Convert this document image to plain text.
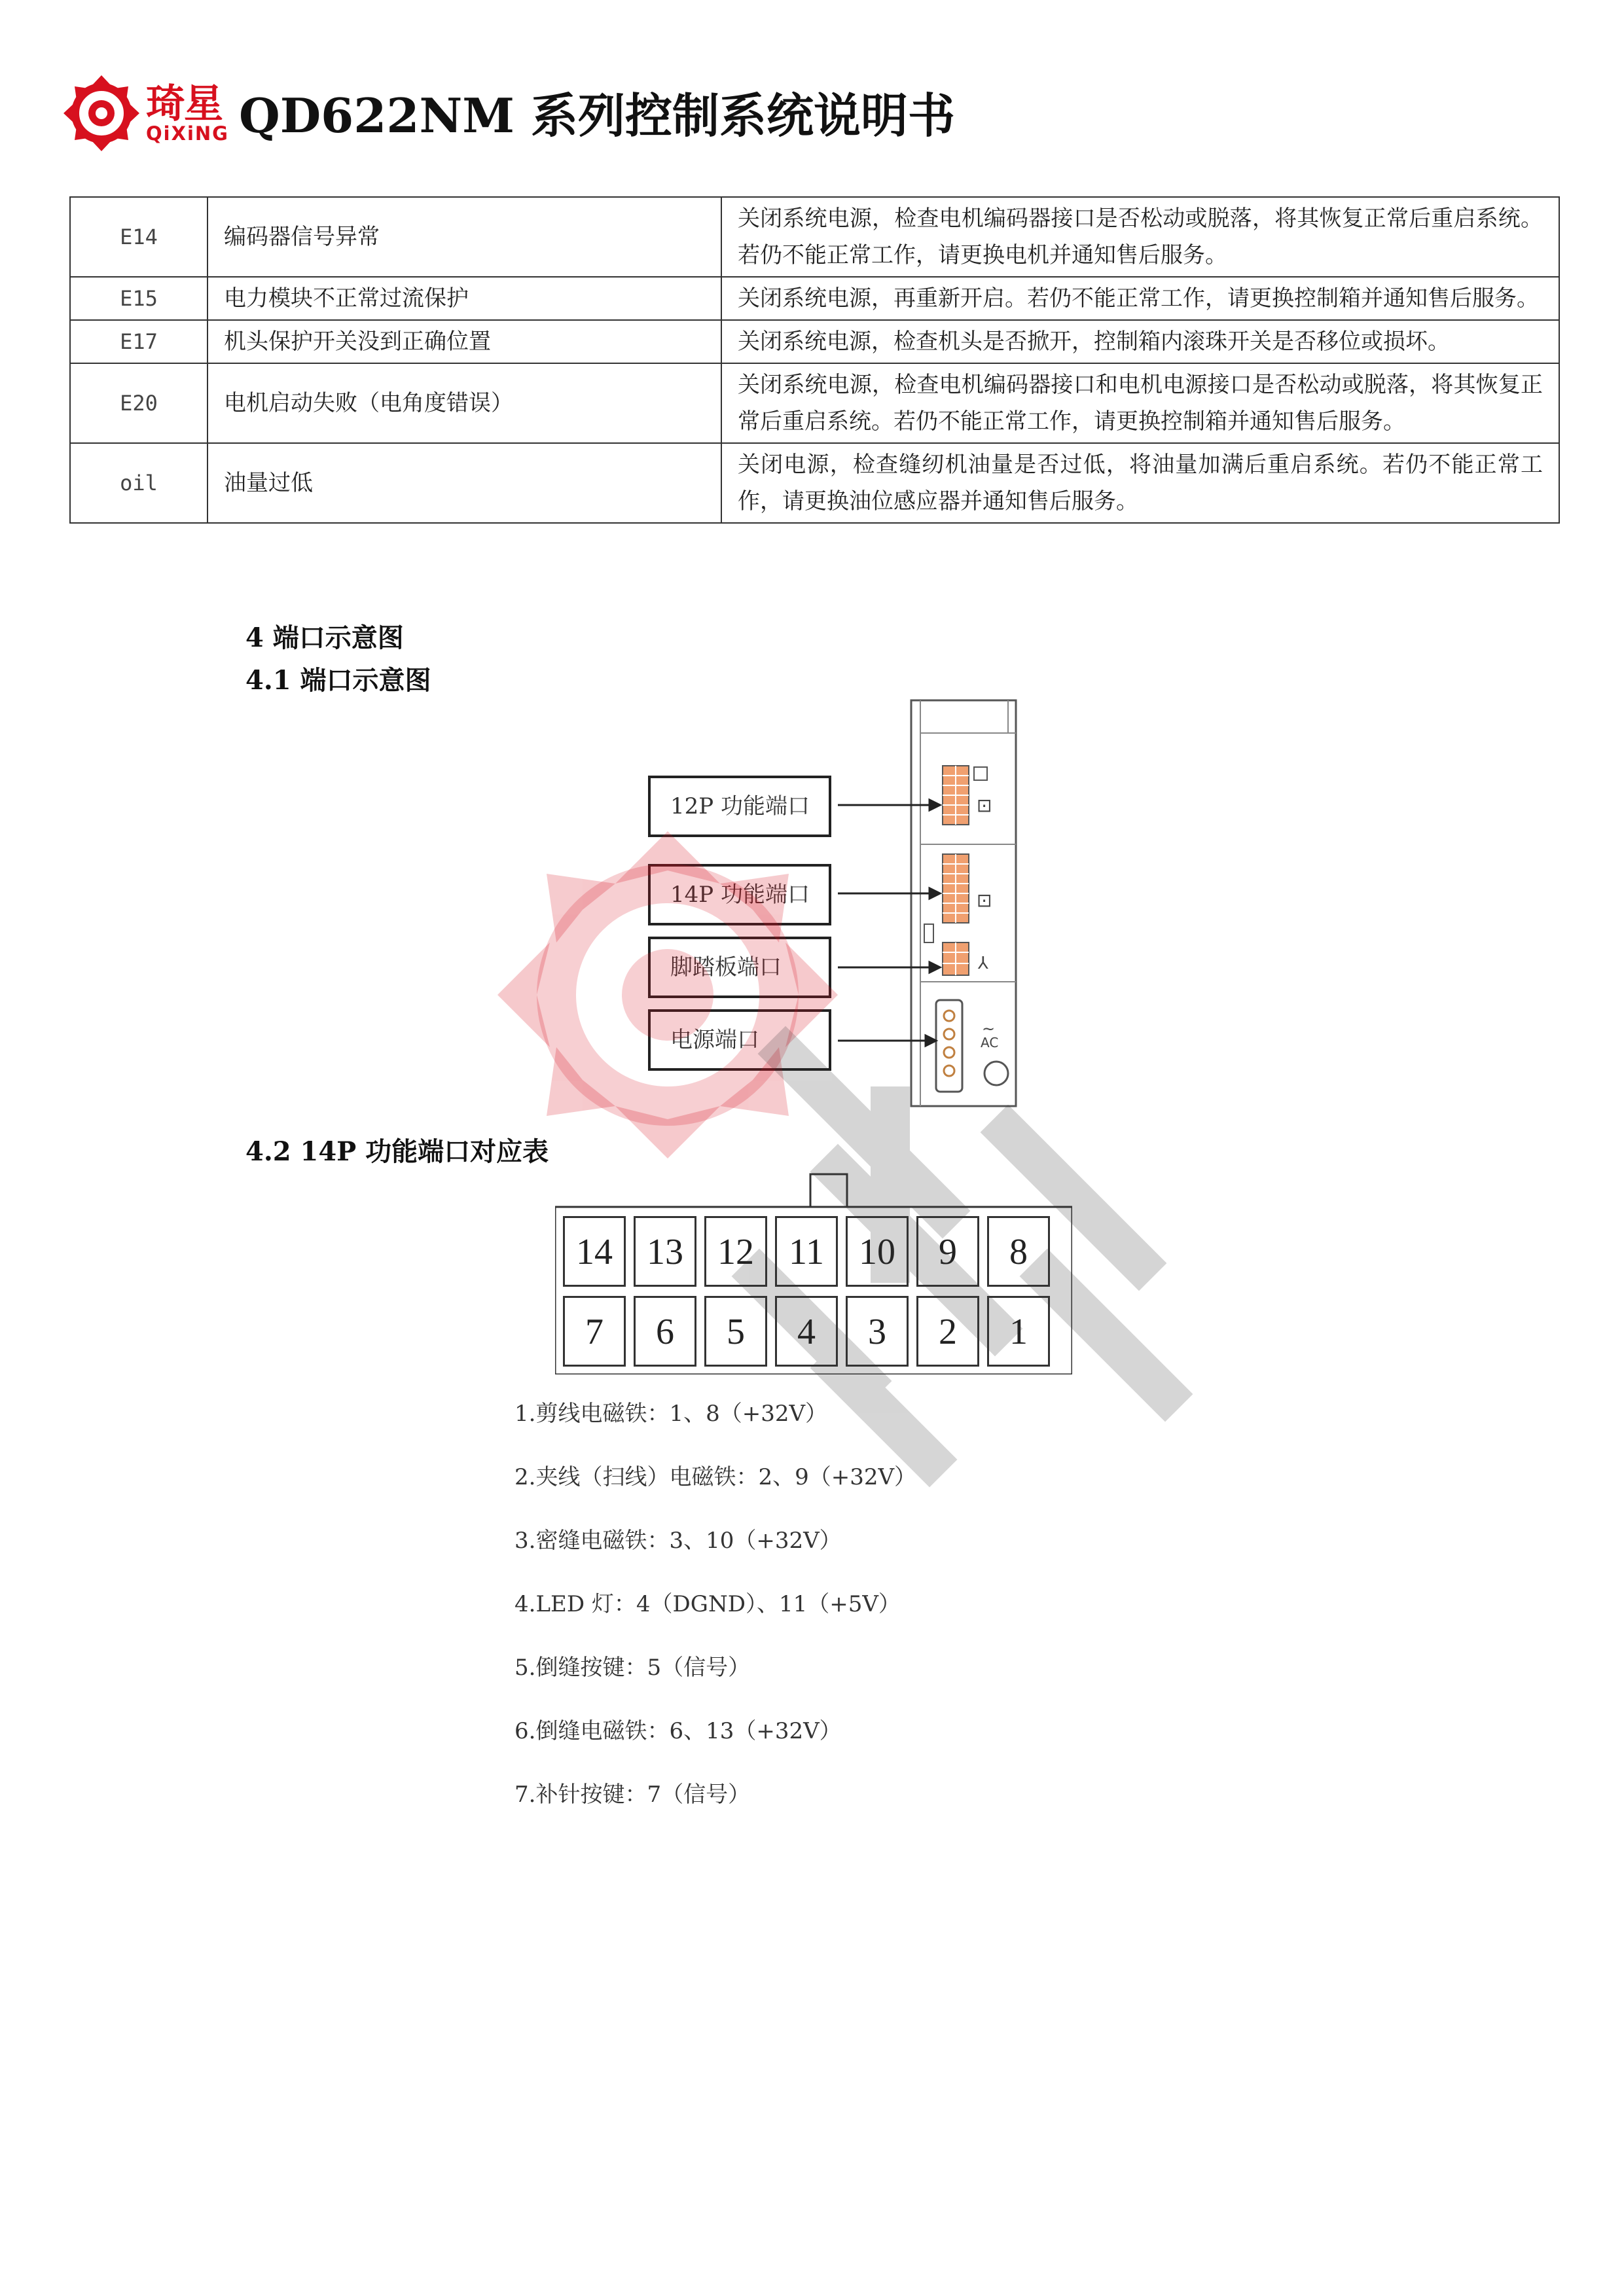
琦星
QiXiNG QD622NM 系列控制系统说明书
E14	编码器信号异常	关闭系统电源，检查电机编码器接口是否松动或脱落，将其恢复正常后重启系统。若仍不能正常工作，请更换电机并通知售后服务。
E15	电力模块不正常过流保护	关闭系统电源，再重新开启。若仍不能正常工作，请更换控制箱并通知售后服务。
E17	机头保护开关没到正确位置	关闭系统电源，检查机头是否掀开，控制箱内滚珠开关是否移位或损坏。
E20	电机启动失败（电角度错误）	关闭系统电源，检查电机编码器接口和电机电源接口是否松动或脱落，将其恢复正常后重启系统。若仍不能正常工作，请更换控制箱并通知售后服务。
oil	油量过低	关闭电源，检查缝纫机油量是否过低，将油量加满后重启系统。若仍不能正常工作，请更换油位感应器并通知售后服务。
4 端口示意图
4.1 端口示意图
⊡
⊡
⅄
AC
~
12P 功能端口
14P 功能端口
脚踏板端口
电源端口
4.2 14P 功能端口对应表
14 13 12 11 10	9	8
7	6	5	4	3	2	1
1.剪线电磁铁：1、8（+32V）
2.夹线（扫线）电磁铁：2、9（+32V）
3.密缝电磁铁：3、10（+32V）
4.LED 灯：4（DGND）、11（+5V）
5.倒缝按键：5（信号）
6.倒缝电磁铁：6、13（+32V）
7.补针按键：7（信号）
